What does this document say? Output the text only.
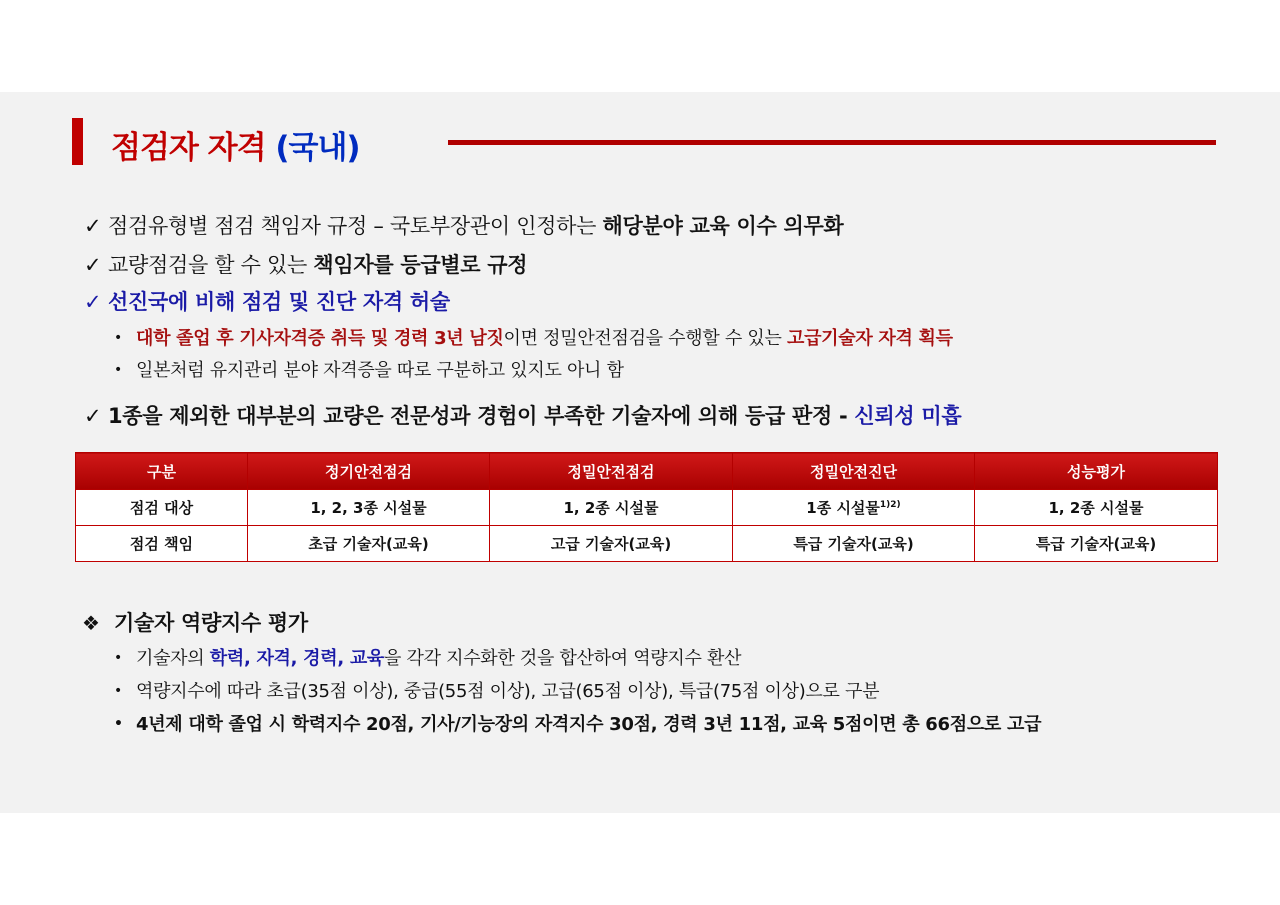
점검자 자격 (국내)
✓ 점검유형별 점검 책임자 규정 – 국토부장관이 인정하는 해당분야 교육 이수 의무화
✓ 교량점검을 할 수 있는 책임자를 등급별로 규정
✓ 선진국에 비해 점검 및 진단 자격 허술
• 대학 졸업 후 기사자격증 취득 및 경력 3년 남짓이면 정밀안전점검을 수행할 수 있는 고급기술자 자격 획득
• 일본처럼 유지관리 분야 자격증을 따로 구분하고 있지도 아니 함
✓ 1종을 제외한 대부분의 교량은 전문성과 경험이 부족한 기술자에 의해 등급 판정 - 신뢰성 미흡
구분	정기안전점검	정밀안전점검	정밀안전진단	성능평가
점검 대상	1, 2, 3종 시설물	1, 2종 시설물	1종 시설물$^{1)2)}$	1, 2종 시설물
점검 책임	초급 기술자(교육)	고급 기술자(교육)	특급 기술자(교육)	특급 기술자(교육)
❖ 기술자 역량지수 평가
• 기술자의 학력, 자격, 경력, 교육을 각각 지수화한 것을 합산하여 역량지수 환산
• 역량지수에 따라 초급(35점 이상), 중급(55점 이상), 고급(65점 이상), 특급(75점 이상)으로 구분
• 4년제 대학 졸업 시 학력지수 20점, 기사/기능장의 자격지수 30점, 경력 3년 11점, 교육 5점이면 총 66점으로 고급
